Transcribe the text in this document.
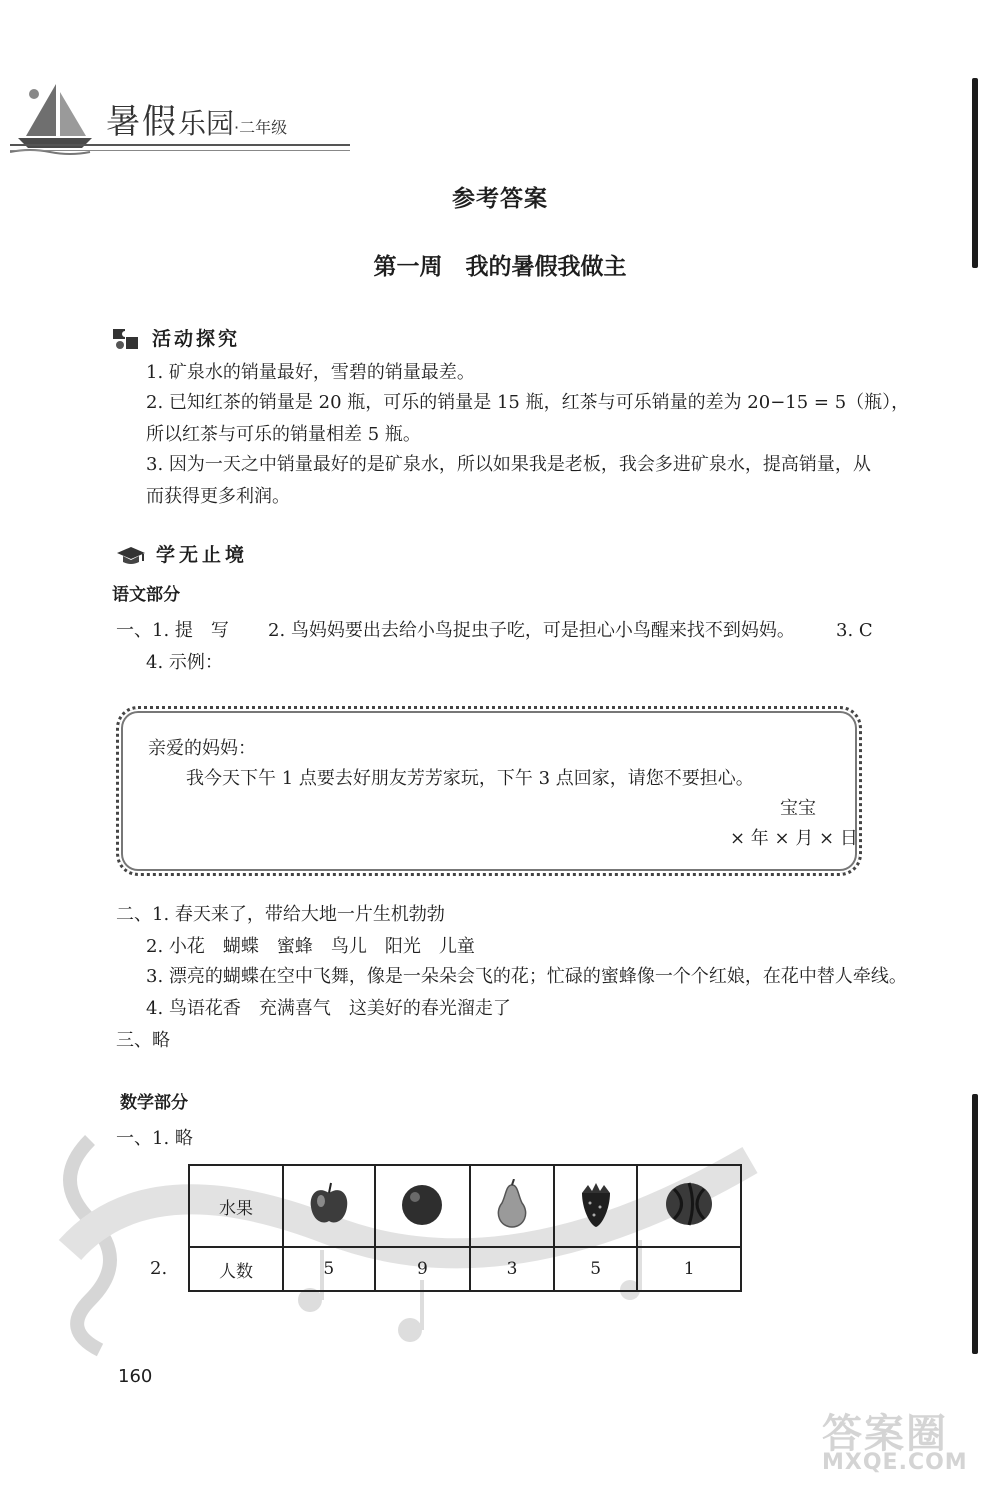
暑假乐园·二年级
参考答案
第一周　我的暑假我做主
活动探究
1. 矿泉水的销量最好，雪碧的销量最差。
2. 已知红茶的销量是 20 瓶，可乐的销量是 15 瓶，红茶与可乐销量的差为 20−15 = 5（瓶），
所以红茶与可乐的销量相差 5 瓶。
3. 因为一天之中销量最好的是矿泉水，所以如果我是老板，我会多进矿泉水，提高销量，从
而获得更多利润。
学无止境
语文部分
一、1. 提　写 2. 鸟妈妈要出去给小鸟捉虫子吃，可是担心小鸟醒来找不到妈妈。 3. C
4. 示例：
亲爱的妈妈：
我今天下午 1 点要去好朋友芳芳家玩，下午 3 点回家，请您不要担心。
宝宝
× 年 × 月 × 日
二、1. 春天来了，带给大地一片生机勃勃
2. 小花　蝴蝶　蜜蜂　鸟儿　阳光　儿童
3. 漂亮的蝴蝶在空中飞舞，像是一朵朵会飞的花；忙碌的蜜蜂像一个个红娘，在花中替人牵线。
4. 鸟语花香　充满喜气　这美好的春光溜走了
三、略
数学部分
一、1. 略
2.
水果					
人数	5	9	3	5	1
160
答案圈
MXQE.COM
